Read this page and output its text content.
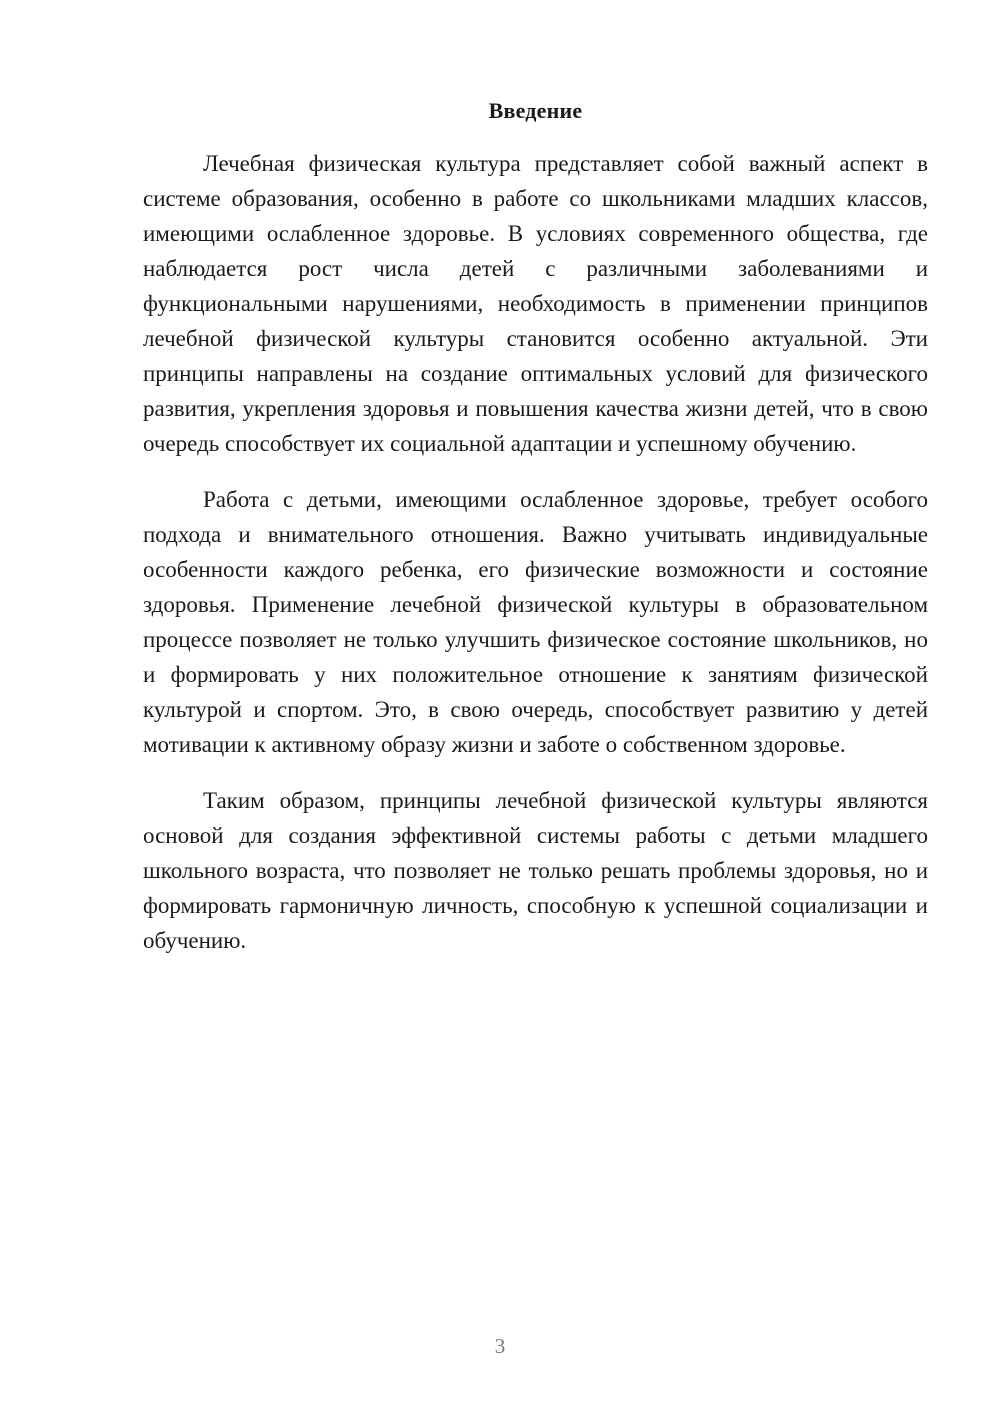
Введение

Лечебная физическая культура представляет собой важный аспект в системе образования, особенно в работе со школьниками младших классов, имеющими ослабленное здоровье. В условиях современного общества, где наблюдается рост числа детей с различными заболеваниями и функциональными нарушениями, необходимость в применении принципов лечебной физической культуры становится особенно актуальной. Эти принципы направлены на создание оптимальных условий для физического развития, укрепления здоровья и повышения качества жизни детей, что в свою очередь способствует их социальной адаптации и успешному обучению.

Работа с детьми, имеющими ослабленное здоровье, требует особого подхода и внимательного отношения. Важно учитывать индивидуальные особенности каждого ребенка, его физические возможности и состояние здоровья. Применение лечебной физической культуры в образовательном процессе позволяет не только улучшить физическое состояние школьников, но и формировать у них положительное отношение к занятиям физической культурой и спортом. Это, в свою очередь, способствует развитию у детей мотивации к активному образу жизни и заботе о собственном здоровье.

Таким образом, принципы лечебной физической культуры являются основой для создания эффективной системы работы с детьми младшего школьного возраста, что позволяет не только решать проблемы здоровья, но и формировать гармоничную личность, способную к успешной социализации и обучению.

3
